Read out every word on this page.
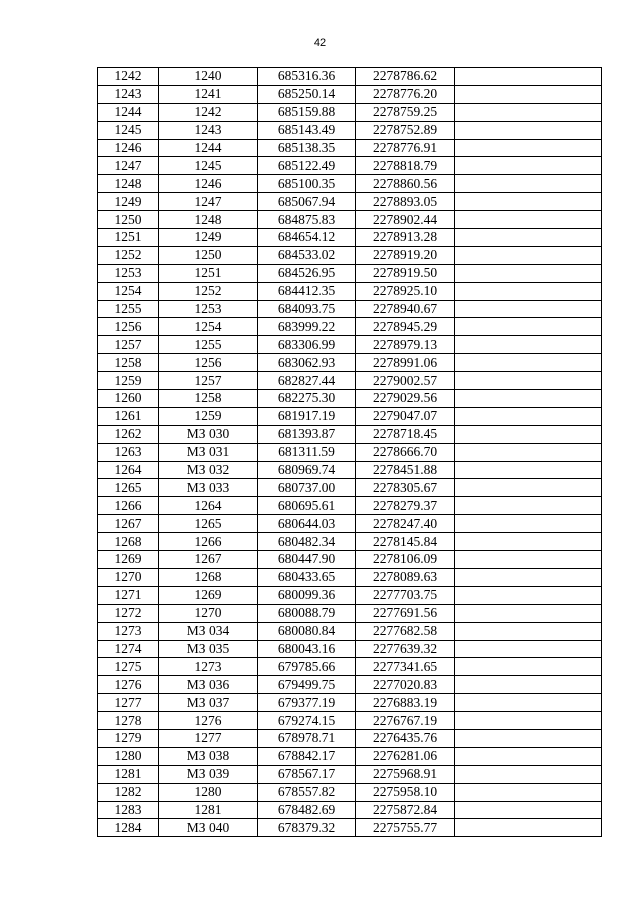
42
1242	1240	685316.36	2278786.62	
1243	1241	685250.14	2278776.20	
1244	1242	685159.88	2278759.25	
1245	1243	685143.49	2278752.89	
1246	1244	685138.35	2278776.91	
1247	1245	685122.49	2278818.79	
1248	1246	685100.35	2278860.56	
1249	1247	685067.94	2278893.05	
1250	1248	684875.83	2278902.44	
1251	1249	684654.12	2278913.28	
1252	1250	684533.02	2278919.20	
1253	1251	684526.95	2278919.50	
1254	1252	684412.35	2278925.10	
1255	1253	684093.75	2278940.67	
1256	1254	683999.22	2278945.29	
1257	1255	683306.99	2278979.13	
1258	1256	683062.93	2278991.06	
1259	1257	682827.44	2279002.57	
1260	1258	682275.30	2279029.56	
1261	1259	681917.19	2279047.07	
1262	МЗ 030	681393.87	2278718.45	
1263	МЗ 031	681311.59	2278666.70	
1264	МЗ 032	680969.74	2278451.88	
1265	МЗ 033	680737.00	2278305.67	
1266	1264	680695.61	2278279.37	
1267	1265	680644.03	2278247.40	
1268	1266	680482.34	2278145.84	
1269	1267	680447.90	2278106.09	
1270	1268	680433.65	2278089.63	
1271	1269	680099.36	2277703.75	
1272	1270	680088.79	2277691.56	
1273	МЗ 034	680080.84	2277682.58	
1274	МЗ 035	680043.16	2277639.32	
1275	1273	679785.66	2277341.65	
1276	МЗ 036	679499.75	2277020.83	
1277	МЗ 037	679377.19	2276883.19	
1278	1276	679274.15	2276767.19	
1279	1277	678978.71	2276435.76	
1280	МЗ 038	678842.17	2276281.06	
1281	МЗ 039	678567.17	2275968.91	
1282	1280	678557.82	2275958.10	
1283	1281	678482.69	2275872.84	
1284	МЗ 040	678379.32	2275755.77	
